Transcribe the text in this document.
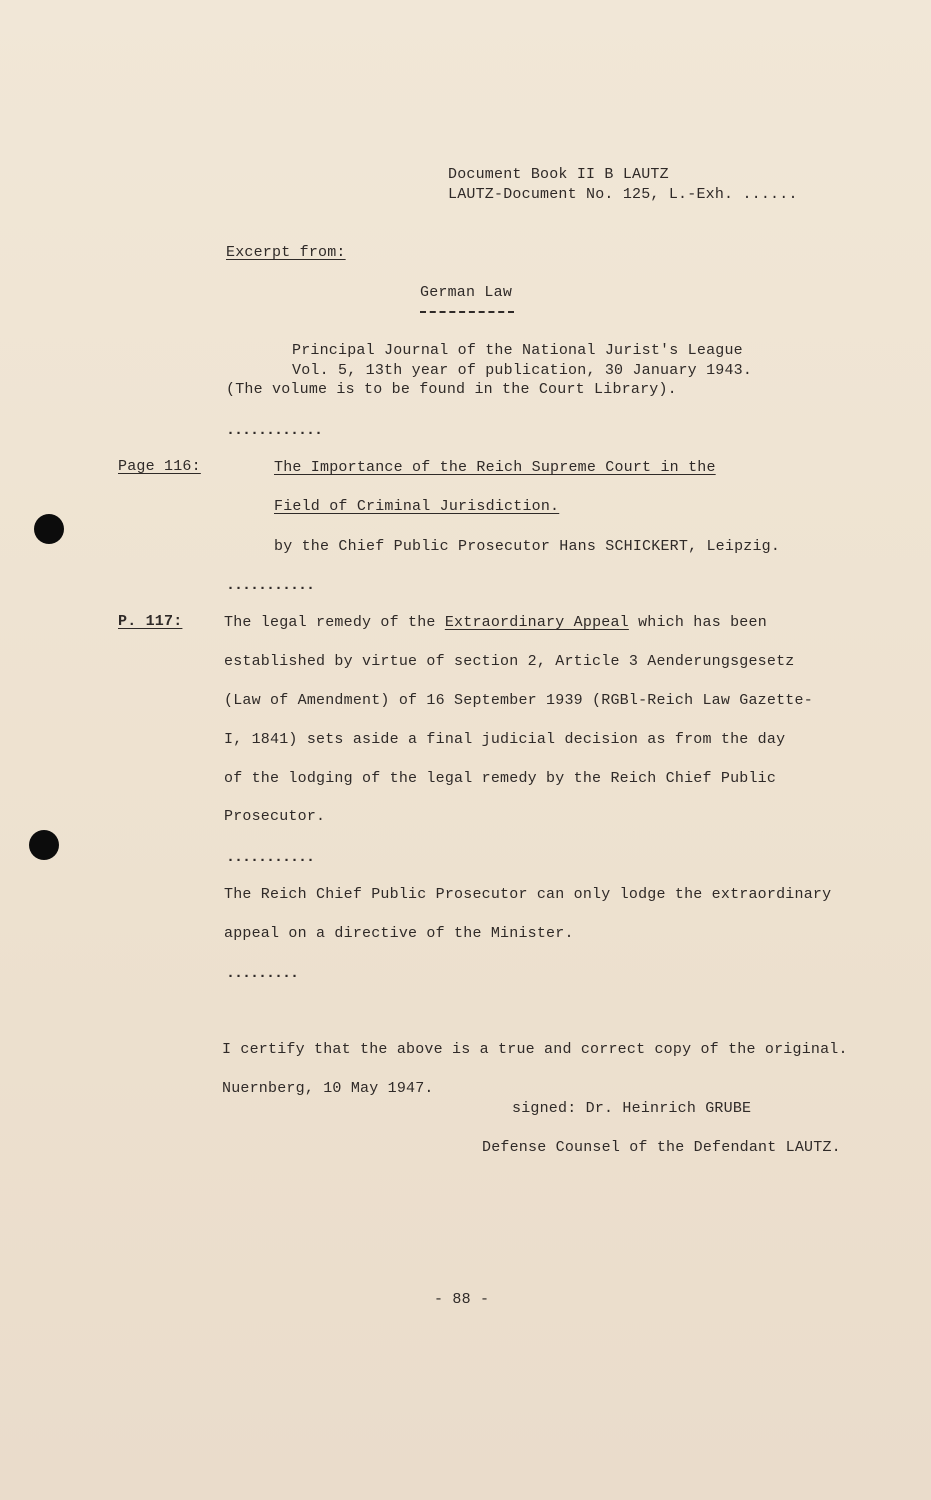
Document Book II B LAUTZ
LAUTZ-Document No. 125, L.-Exh. ......
Excerpt from:
German Law
Principal Journal of the National Jurist's League
Vol. 5, 13th year of publication, 30 January 1943.
(The volume is to be found in the Court Library).
............
Page 116:	The Importance of the Reich Supreme Court in the
Field of Criminal Jurisdiction.
by the Chief Public Prosecutor Hans SCHICKERT, Leipzig.
...........
P. 117:	The legal remedy of the Extraordinary Appeal which has been
established by virtue of section 2, Article 3 Aenderungsgesetz
(Law of Amendment) of 16 September 1939 (RGBl-Reich Law Gazette-
I, 1841) sets aside a final judicial decision as from the day
of the lodging of the legal remedy by the Reich Chief Public
Prosecutor.
...........
The Reich Chief Public Prosecutor can only lodge the extraordinary
appeal on a directive of the Minister.
.........
I certify that the above is a true and correct copy of the original.
Nuernberg, 10 May 1947.
signed: Dr. Heinrich GRUBE
Defense Counsel of the Defendant LAUTZ.
- 88 -
